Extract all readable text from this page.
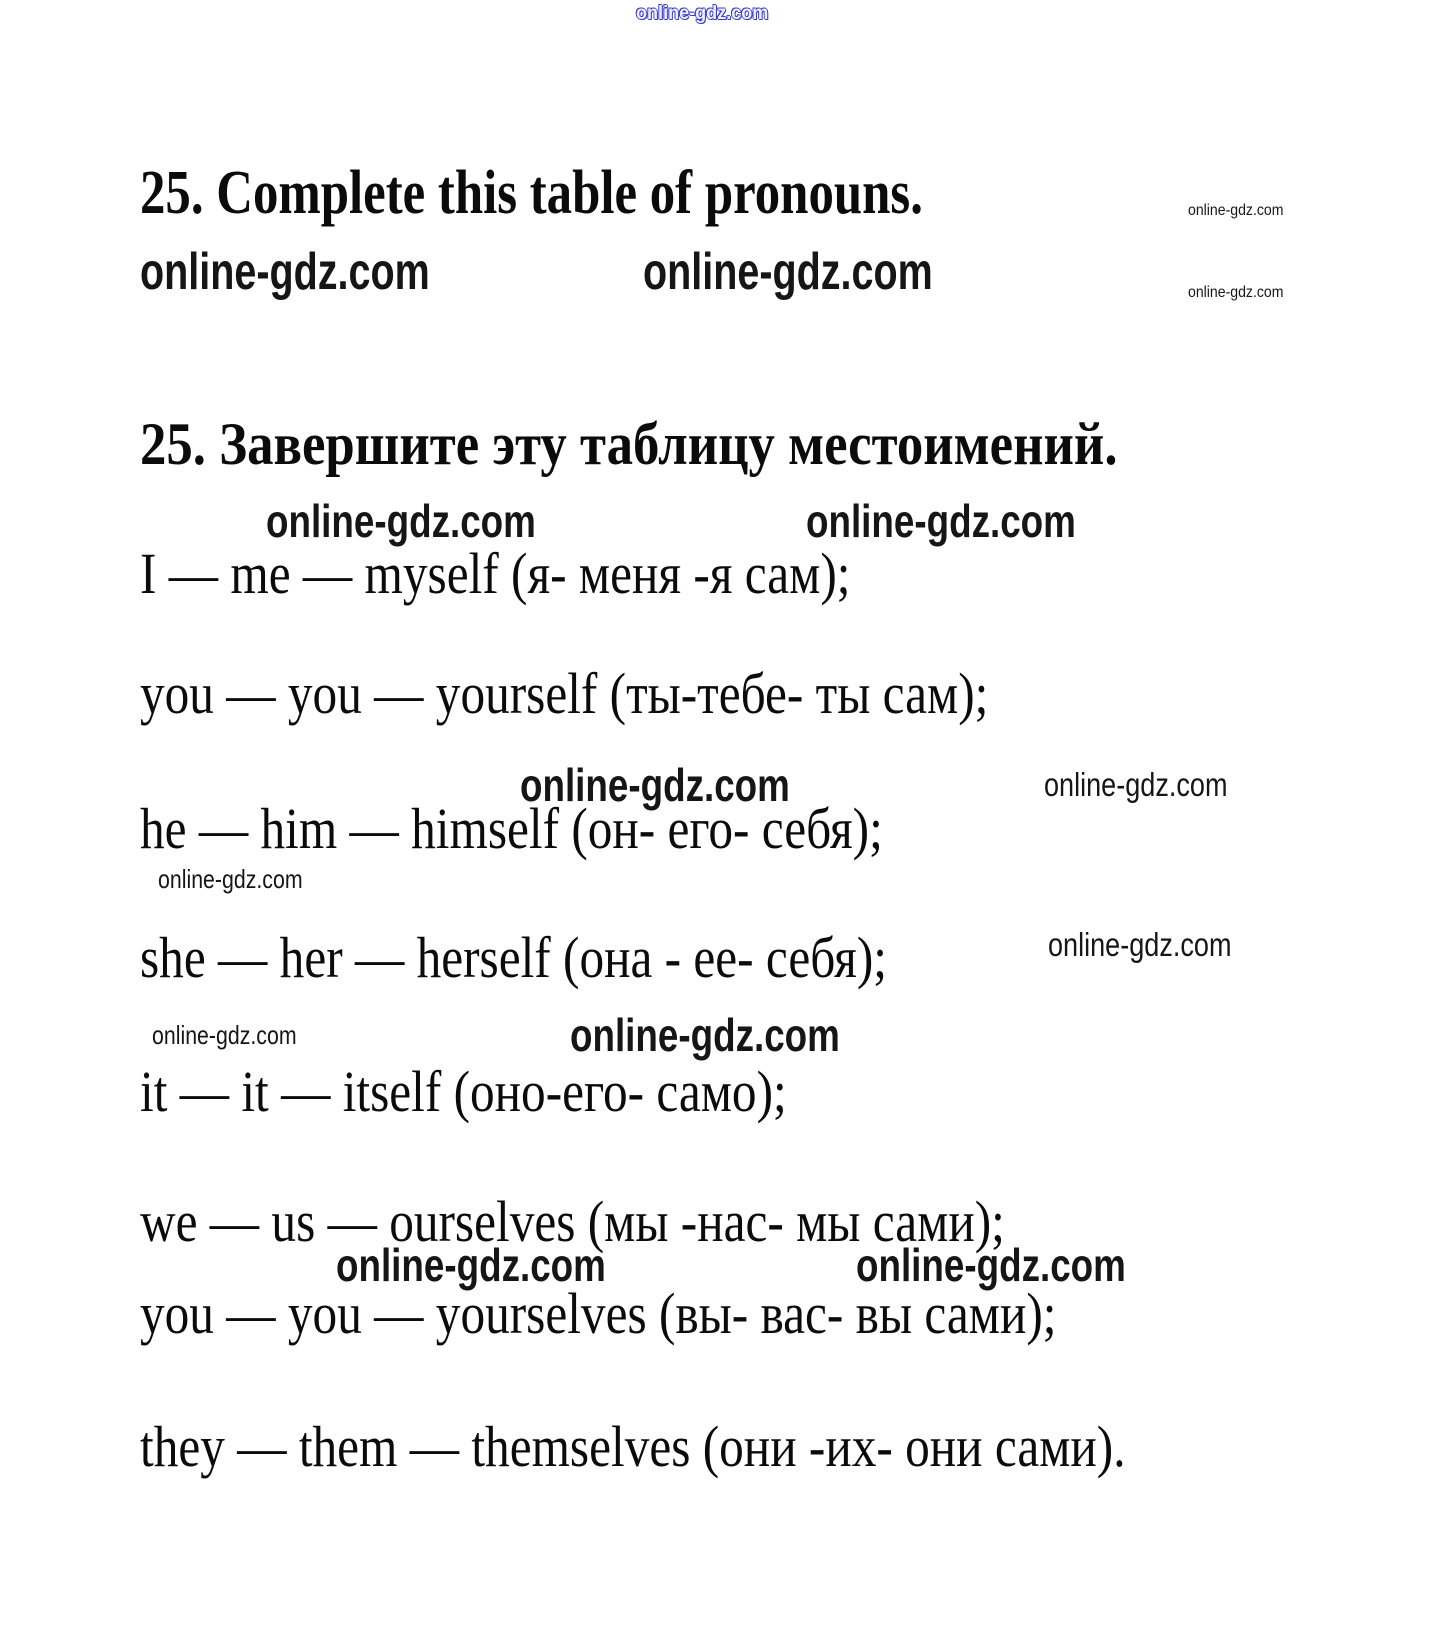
online-gdz.com
25. Complete this table of pronouns.	online-gdz.com
online-gdz.com
online-gdz.com	online-gdz.com
25. Завершите эту таблицу местоимений.
online-gdz.com	online-gdz.com
I — me — myself (я- меня -я сам);
you — you — yourself (ты-тебе- ты сам);
online-gdz.com	online-gdz.com
he — him — himself (он- его- себя);
online-gdz.com
she — her — herself (она - ее- себя);	online-gdz.com
online-gdz.com	online-gdz.com
it — it — itself (оно-его- само);
we — us — ourselves (мы -нас- мы сами);
online-gdz.com	online-gdz.com
you — you — yourselves (вы- вас- вы сами);
they — them — themselves (они -их- они сами).
